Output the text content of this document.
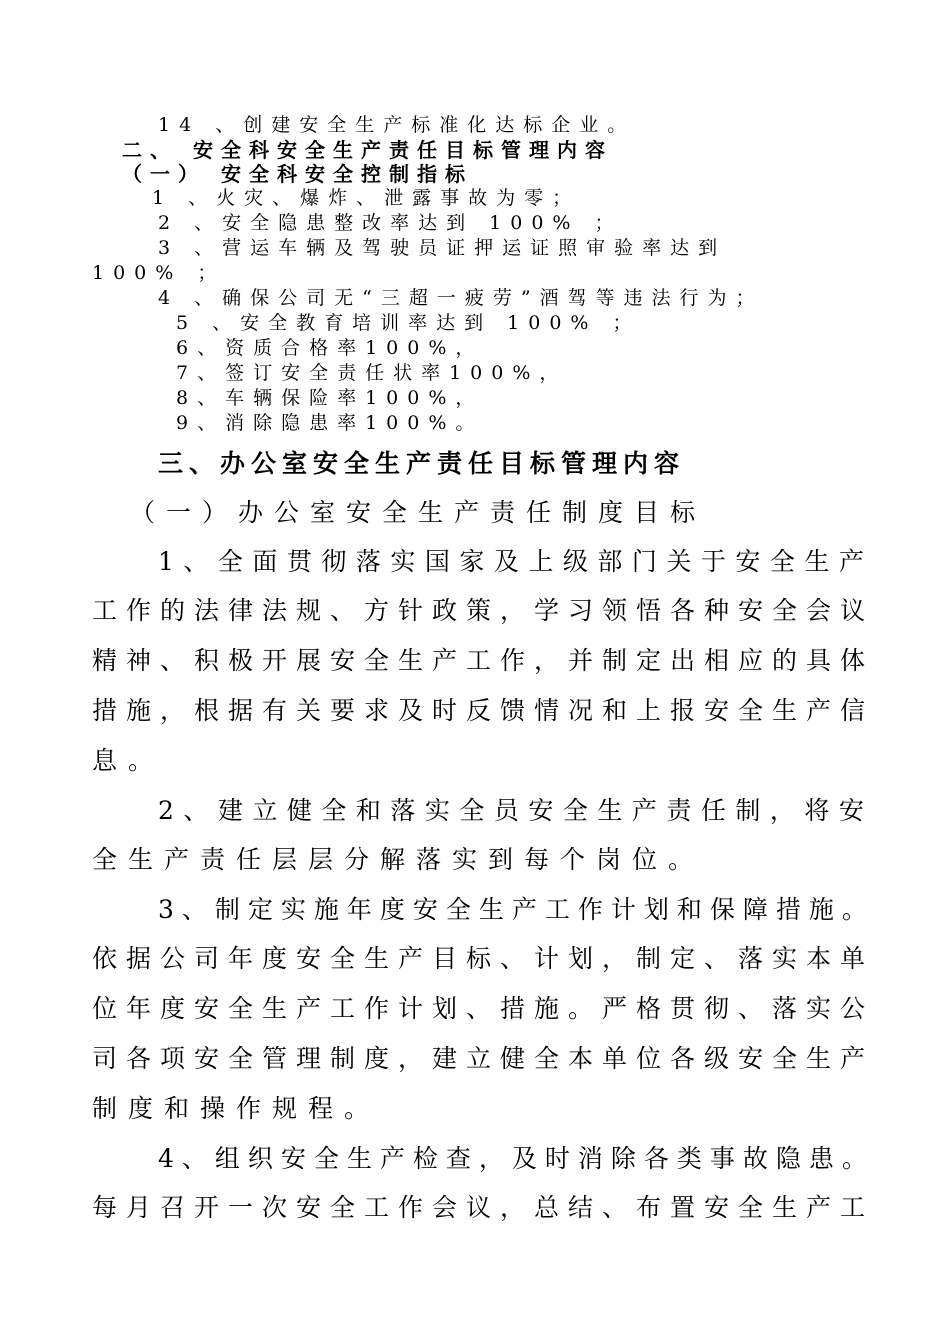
14 、创建安全生产标准化达标企业。
二、 安全科安全生产责任目标管理内容
（一） 安全科安全控制指标
1 、火灾、爆炸、泄露事故为零；
2 、安全隐患整改率达到 100% ；
3 、营运车辆及驾驶员证押运证照审验率达到
100% ；
4 、确保公司无“三超一疲劳”酒驾等违法行为；
5 、安全教育培训率达到 100% ；
6、资质合格率100%，
7、签订安全责任状率100%，
8、车辆保险率100%，
9、消除隐患率100%。
三、办公室安全生产责任目标管理内容
（一）办公室安全生产责任制度目标
1、全面贯彻落实国家及上级部门关于安全生产
工作的法律法规、方针政策，学习领悟各种安全会议
精神、积极开展安全生产工作，并制定出相应的具体
措施，根据有关要求及时反馈情况和上报安全生产信
息。
2、建立健全和落实全员安全生产责任制，将安
全生产责任层层分解落实到每个岗位。
3、制定实施年度安全生产工作计划和保障措施。
依据公司年度安全生产目标、计划，制定、落实本单
位年度安全生产工作计划、措施。严格贯彻、落实公
司各项安全管理制度，建立健全本单位各级安全生产
制度和操作规程。
4、组织安全生产检查，及时消除各类事故隐患。
每月召开一次安全工作会议，总结、布置安全生产工
